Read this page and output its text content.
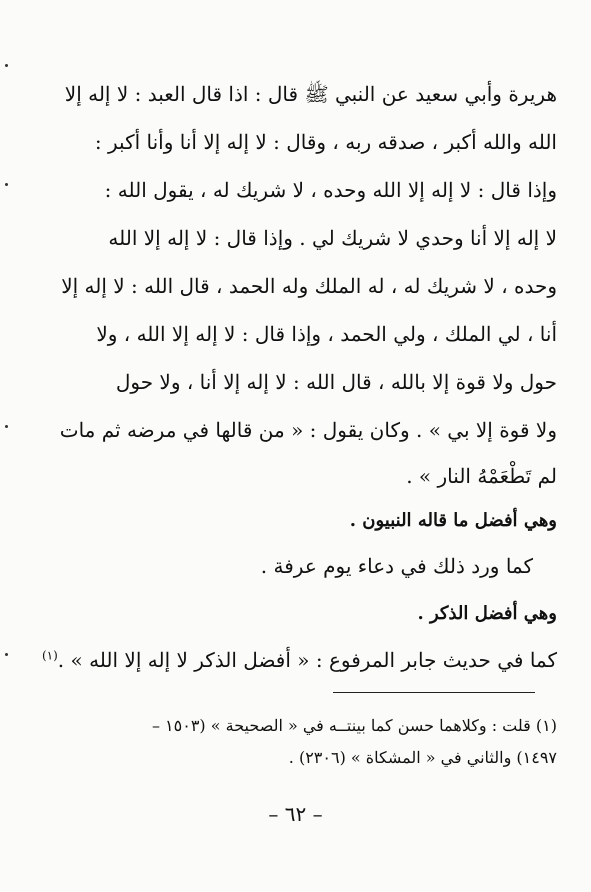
هريرة وأبي سعيد عن النبي ﷺ قال : اذا قال العبد : لا إله إلا
الله والله أكبر ، صدقه ربه ، وقال : لا إله إلا أنا وأنا أكبر :
وإذا قال : لا إله إلا الله وحده ، لا شريك له ، يقول الله :
لا إله إلا أنا وحدي لا شريك لي . وإذا قال : لا إله إلا الله
وحده ، لا شريك له ، له الملك وله الحمد ، قال الله : لا إله إلا
أنا ، لي الملك ، ولي الحمد ، وإذا قال : لا إله إلا الله ، ولا
حول ولا قوة إلا بالله ، قال الله : لا إله إلا أنا ، ولا حول
ولا قوة إلا بي » . وكان يقول : « من قالها في مرضه ثم مات
لم تَطْعَمْهُ النار » .
وهي أفضل ما قاله النبيون .
كما ورد ذلك في دعاء يوم عرفة .
وهي أفضل الذكر .
كما في حديث جابر المرفوع : « أفضل الذكر لا إله إلا الله » .$^{(١)}$
(١) قلت : وكلاهما حسن كما بينتــه في « الصحيحة » (١٥٠٣ –
١٤٩٧) والثاني في « المشكاة » (٢٣٠٦) .
– ٦٢ –
